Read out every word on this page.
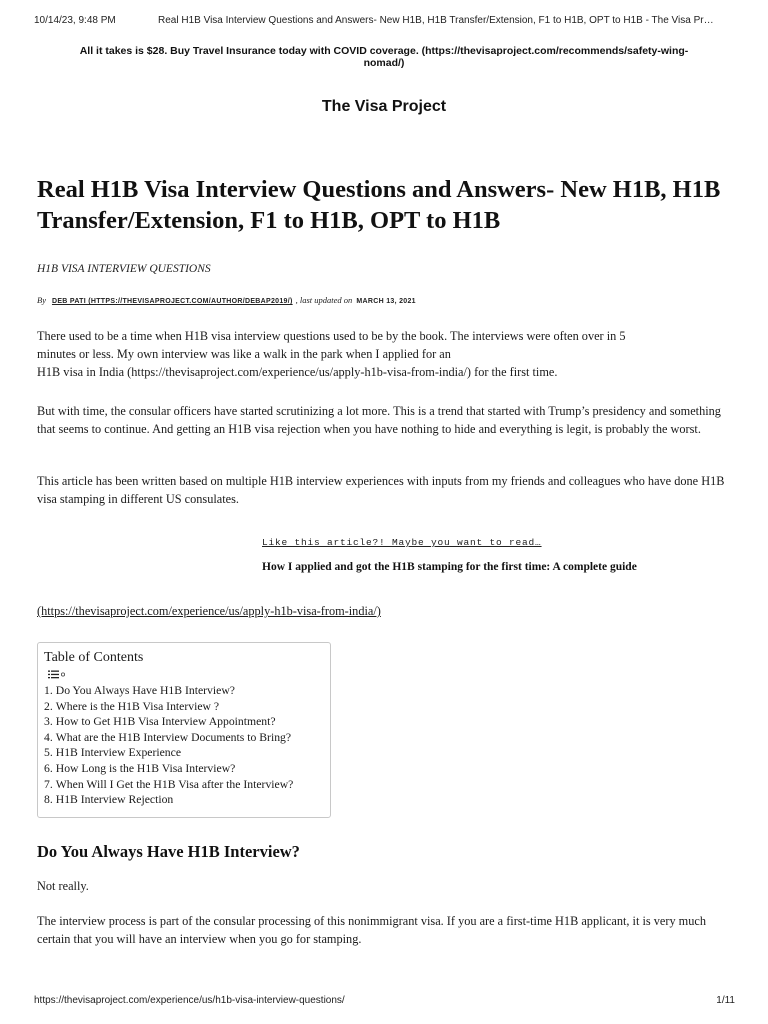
10/14/23, 9:48 PM	Real H1B Visa Interview Questions and Answers- New H1B, H1B Transfer/Extension, F1 to H1B, OPT to H1B - The Visa Pr…
All it takes is $28. Buy Travel Insurance today with COVID coverage. (https://thevisaproject.com/recommends/safety-wing-nomad/)
The Visa Project
Real H1B Visa Interview Questions and Answers- New H1B, H1B Transfer/Extension, F1 to H1B, OPT to H1B
H1B VISA INTERVIEW QUESTIONS
By DEB PATI (HTTPS://THEVISAPROJECT.COM/AUTHOR/DEBAP2019/) , last updated on MARCH 13, 2021

There used to be a time when H1B visa interview questions used to be by the book. The interviews were often over in 5
minutes or less. My own interview was like a walk in the park when I applied for an
H1B visa in India (https://thevisaproject.com/experience/us/apply-h1b-visa-from-india/) for the first time.

But with time, the consular officers have started scrutinizing a lot more. This is a trend that started with Trump’s presidency and something that seems to continue. And getting an H1B visa rejection when you have nothing to hide and everything is legit, is probably the worst.

This article has been written based on multiple H1B interview experiences with inputs from my friends and colleagues who have done H1B visa stamping in different US consulates.

Like this article?! Maybe you want to read…
How I applied and got the H1B stamping for the first time: A complete guide
(https://thevisaproject.com/experience/us/apply-h1b-visa-from-india/)
Table of Contents
1. Do You Always Have H1B Interview?
2. Where is the H1B Visa Interview ?
3. How to Get H1B Visa Interview Appointment?
4. What are the H1B Interview Documents to Bring?
5. H1B Interview Experience
6. How Long is the H1B Visa Interview?
7. When Will I Get the H1B Visa after the Interview?
8. H1B Interview Rejection
Do You Always Have H1B Interview?

Not really.

The interview process is part of the consular processing of this nonimmigrant visa. If you are a first-time H1B applicant, it is very much certain that you will have an interview when you go for stamping.

https://thevisaproject.com/experience/us/h1b-visa-interview-questions/	1/11
